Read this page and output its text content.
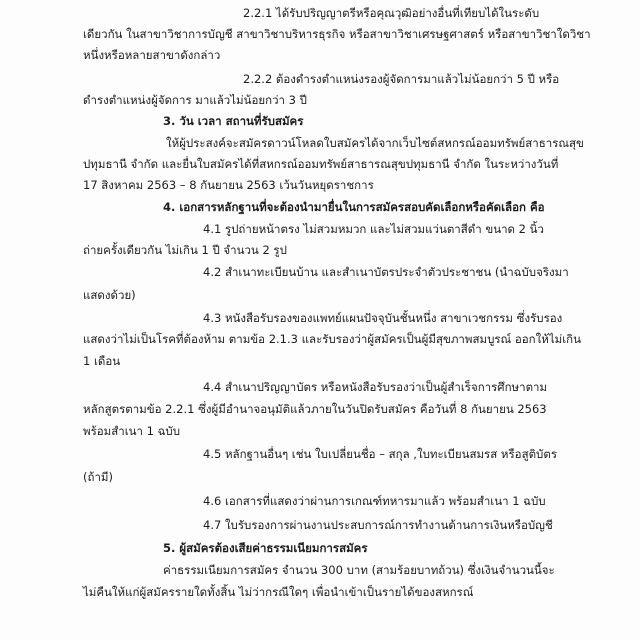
2.2.1 ได้รับปริญญาตรีหรือคุณวุฒิอย่างอื่นที่เทียบได้ในระดับ
เดียวกัน ในสาขาวิชาการบัญชี สาขาวิชาบริหารธุรกิจ หรือสาขาวิชาเศรษฐศาสตร์ หรือสาขาวิชาใดวิชา
หนึ่งหรือหลายสาขาดังกล่าว
2.2.2 ต้องดำรงตำแหน่งรองผู้จัดการมาแล้วไม่น้อยกว่า 5 ปี หรือ
ดำรงตำแหน่งผู้จัดการ มาแล้วไม่น้อยกว่า 3 ปี
3. วัน เวลา สถานที่รับสมัคร
ให้ผู้ประสงค์จะสมัครดาวน์โหลดใบสมัครได้จากเว็บไซต์สหกรณ์ออมทรัพย์สาธารณสุข
ปทุมธานี จำกัด และยื่นใบสมัครได้ที่สหกรณ์ออมทรัพย์สาธารณสุขปทุมธานี จำกัด ในระหว่างวันที่
17 สิงหาคม 2563 – 8 กันยายน 2563 เว้นวันหยุดราชการ
4. เอกสารหลักฐานที่จะต้องนำมายื่นในการสมัครสอบคัดเลือกหรือคัดเลือก คือ
4.1 รูปถ่ายหน้าตรง ไม่สวมหมวก และไม่สวมแว่นตาสีดำ ขนาด 2 นิ้ว
ถ่ายครั้งเดียวกัน ไม่เกิน 1 ปี จำนวน 2 รูป
4.2 สำเนาทะเบียนบ้าน และสำเนาบัตรประจำตัวประชาชน (นำฉบับจริงมา
แสดงด้วย)
4.3 หนังสือรับรองของแพทย์แผนปัจจุบันชั้นหนึ่ง สาขาเวชกรรม ซึ่งรับรอง
แสดงว่าไม่เป็นโรคที่ต้องห้าม ตามข้อ 2.1.3 และรับรองว่าผู้สมัครเป็นผู้มีสุขภาพสมบูรณ์ ออกให้ไม่เกิน
1 เดือน
4.4 สำเนาปริญญาบัตร หรือหนังสือรับรองว่าเป็นผู้สำเร็จการศึกษาตาม
หลักสูตรตามข้อ 2.2.1 ซึ่งผู้มีอำนาจอนุมัติแล้วภายในวันปิดรับสมัคร คือวันที่ 8 กันยายน 2563
พร้อมสำเนา 1 ฉบับ
4.5 หลักฐานอื่นๆ เช่น ใบเปลี่ยนชื่อ – สกุล ,ใบทะเบียนสมรส หรือสูติบัตร
(ถ้ามี)
4.6 เอกสารที่แสดงว่าผ่านการเกณฑ์ทหารมาแล้ว พร้อมสำเนา 1 ฉบับ
4.7 ใบรับรองการผ่านงานประสบการณ์การทำงานด้านการเงินหรือบัญชี
5. ผู้สมัครต้องเสียค่าธรรมเนียมการสมัคร
ค่าธรรมเนียมการสมัคร จำนวน 300 บาท (สามร้อยบาทถ้วน) ซึ่งเงินจำนวนนี้จะ
ไม่คืนให้แก่ผู้สมัครรายใดทั้งสิ้น ไม่ว่ากรณีใดๆ เพื่อนำเข้าเป็นรายได้ของสหกรณ์
